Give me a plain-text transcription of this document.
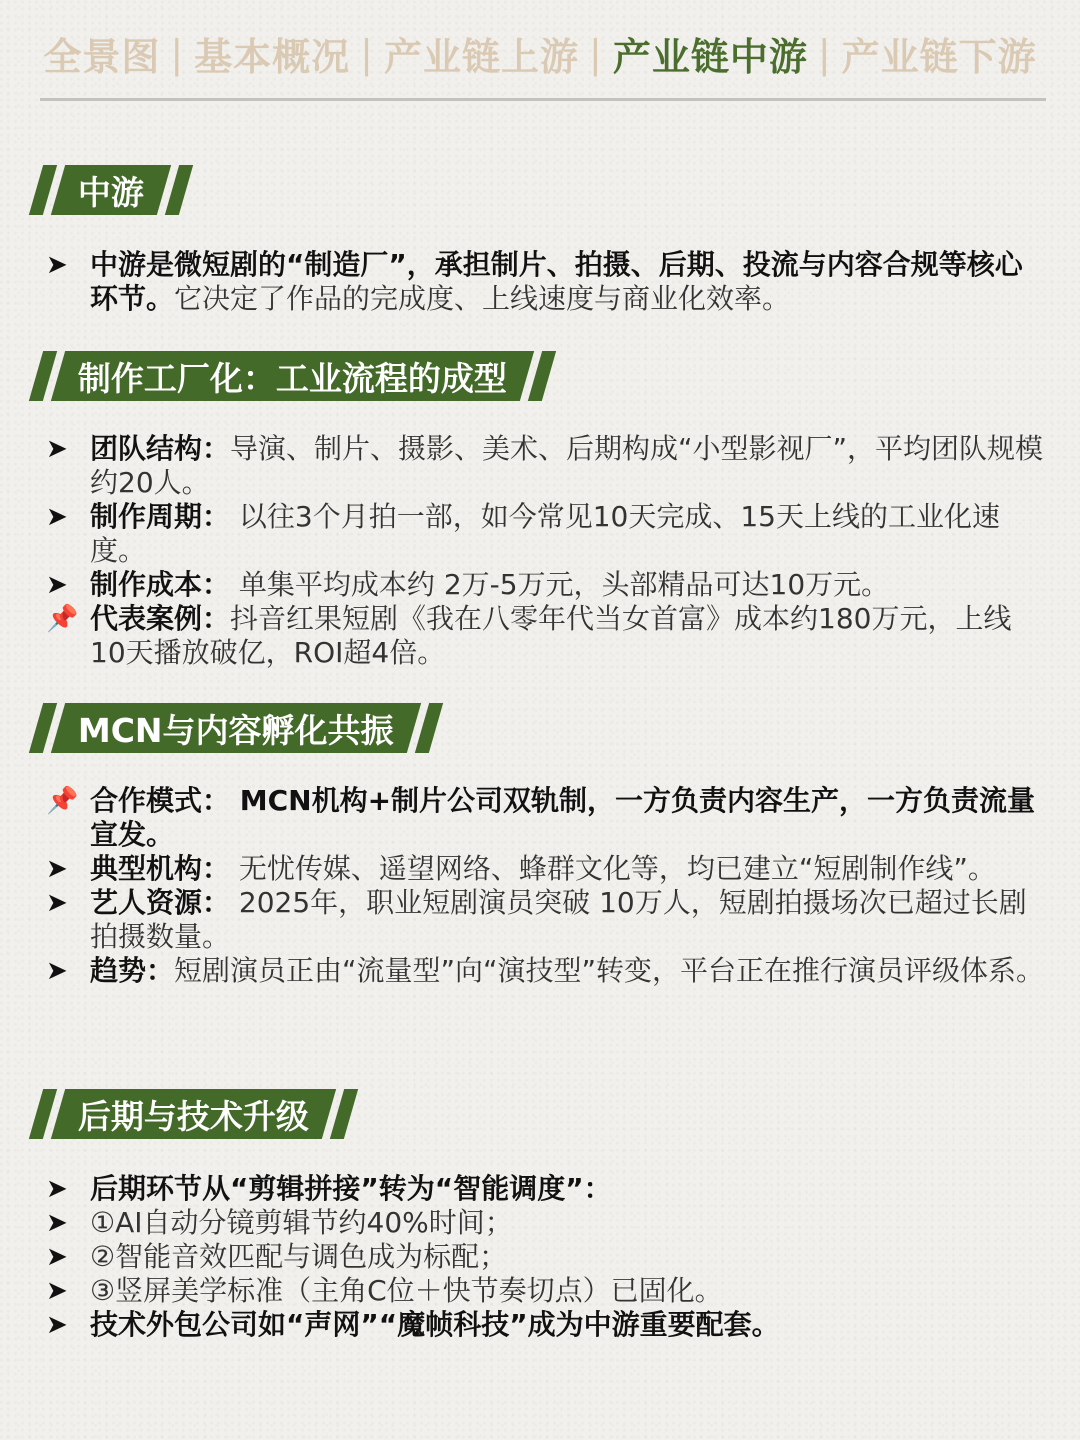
全景图 | 基本概况 | 产业链上游 | 产业链中游 | 产业链下游
中游
➤ 中游是微短剧的“制造厂”，承担制片、拍摄、后期、投流与内容合规等核心环节。它决定了作品的完成度、上线速度与商业化效率。
制作工厂化：工业流程的成型
➤ 团队结构：导演、制片、摄影、美术、后期构成“小型影视厂”，平均团队规模约20人。
➤ 制作周期： 以往3个月拍一部，如今常见10天完成、15天上线的工业化速度。
➤ 制作成本： 单集平均成本约 2万-5万元，头部精品可达10万元。
📌 代表案例：抖音红果短剧《我在八零年代当女首富》成本约180万元，上线10天播放破亿，ROI超4倍。
MCN与内容孵化共振
📌 合作模式： MCN机构+制片公司双轨制，一方负责内容生产，一方负责流量宣发。
➤ 典型机构： 无忧传媒、遥望网络、蜂群文化等，均已建立“短剧制作线”。
➤ 艺人资源： 2025年，职业短剧演员突破 10万人，短剧拍摄场次已超过长剧拍摄数量。
➤ 趋势：短剧演员正由“流量型”向“演技型”转变，平台正在推行演员评级体系。
后期与技术升级
➤ 后期环节从“剪辑拼接”转为“智能调度”：
➤ ①AI自动分镜剪辑节约40%时间；
➤ ②智能音效匹配与调色成为标配；
➤ ③竖屏美学标准（主角C位＋快节奏切点）已固化。
➤ 技术外包公司如“声网”“魔帧科技”成为中游重要配套。
